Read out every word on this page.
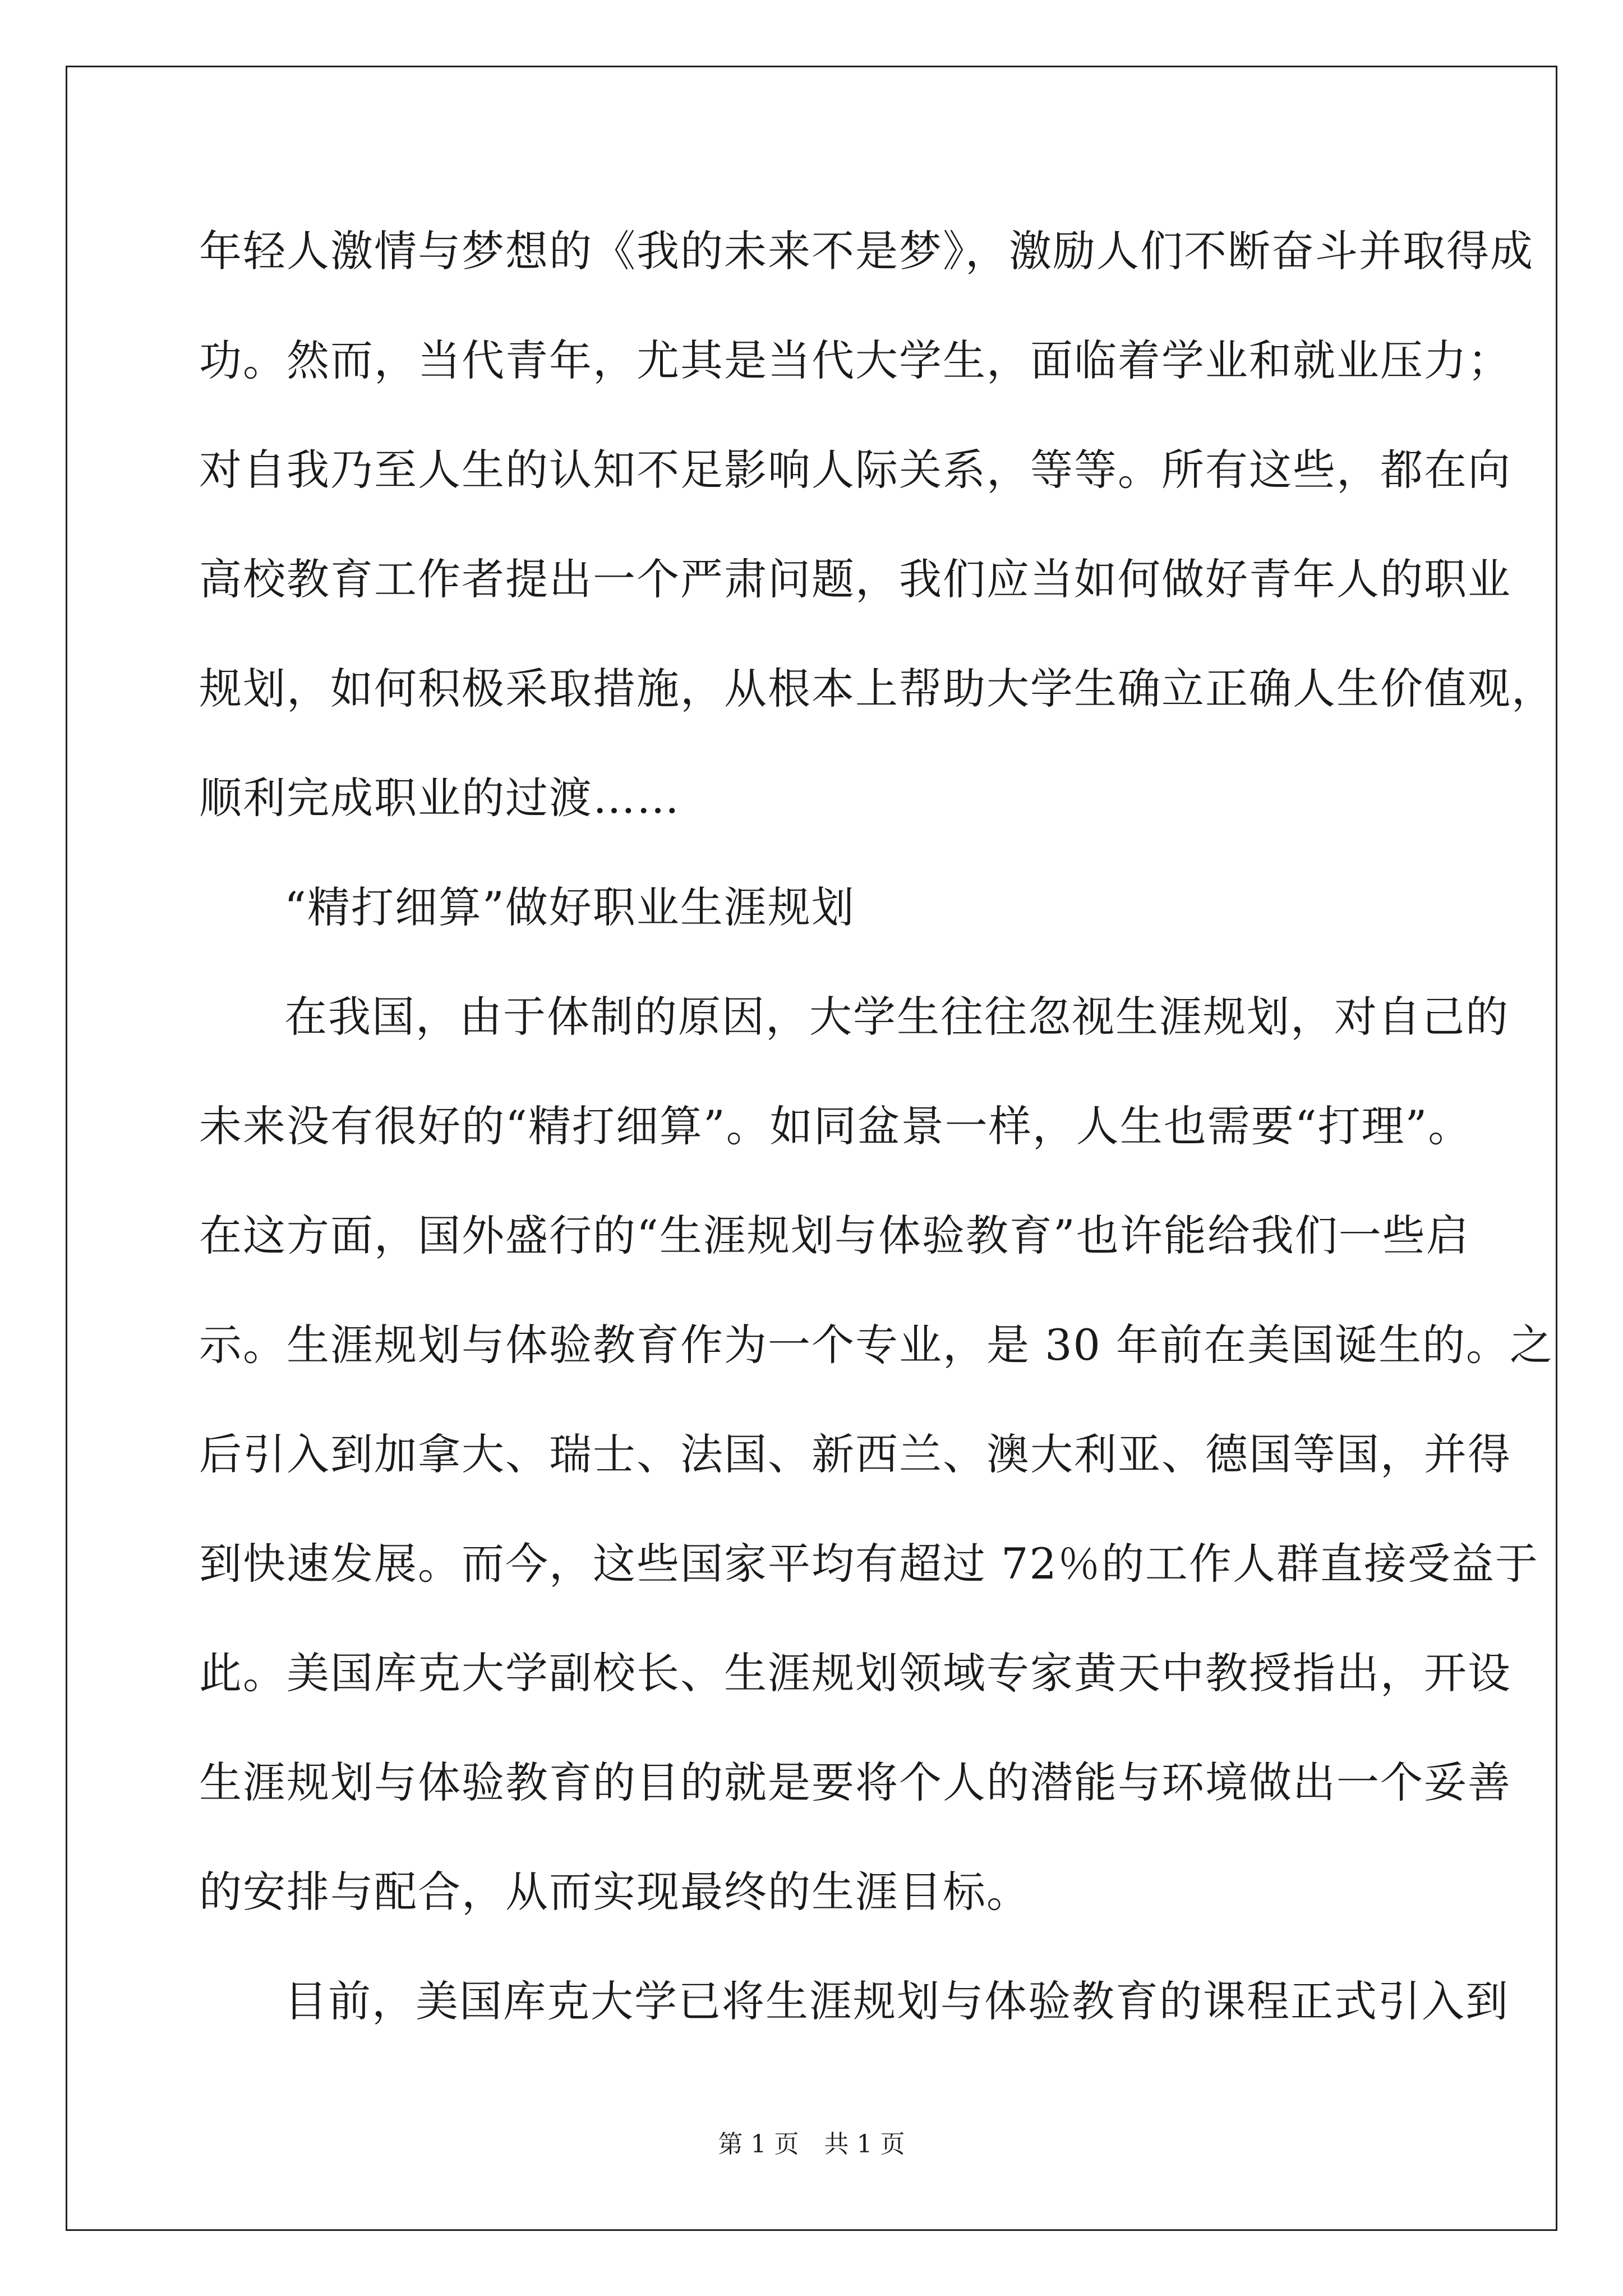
年轻人激情与梦想的《我的未来不是梦》，激励人们不断奋斗并取得成
功。然而，当代青年，尤其是当代大学生，面临着学业和就业压力；
对自我乃至人生的认知不足影响人际关系，等等。所有这些，都在向
高校教育工作者提出一个严肃问题，我们应当如何做好青年人的职业
规划，如何积极采取措施，从根本上帮助大学生确立正确人生价值观，
顺利完成职业的过渡……
“精打细算”做好职业生涯规划
在我国，由于体制的原因，大学生往往忽视生涯规划，对自己的
未来没有很好的“精打细算”。如同盆景一样，人生也需要“打理”。
在这方面，国外盛行的“生涯规划与体验教育”也许能给我们一些启
示。生涯规划与体验教育作为一个专业，是 30 年前在美国诞生的。之
后引入到加拿大、瑞士、法国、新西兰、澳大利亚、德国等国，并得
到快速发展。而今，这些国家平均有超过 72％的工作人群直接受益于
此。美国库克大学副校长、生涯规划领域专家黄天中教授指出，开设
生涯规划与体验教育的目的就是要将个人的潜能与环境做出一个妥善
的安排与配合，从而实现最终的生涯目标。
目前，美国库克大学已将生涯规划与体验教育的课程正式引入到
第 1 页 共 1 页
